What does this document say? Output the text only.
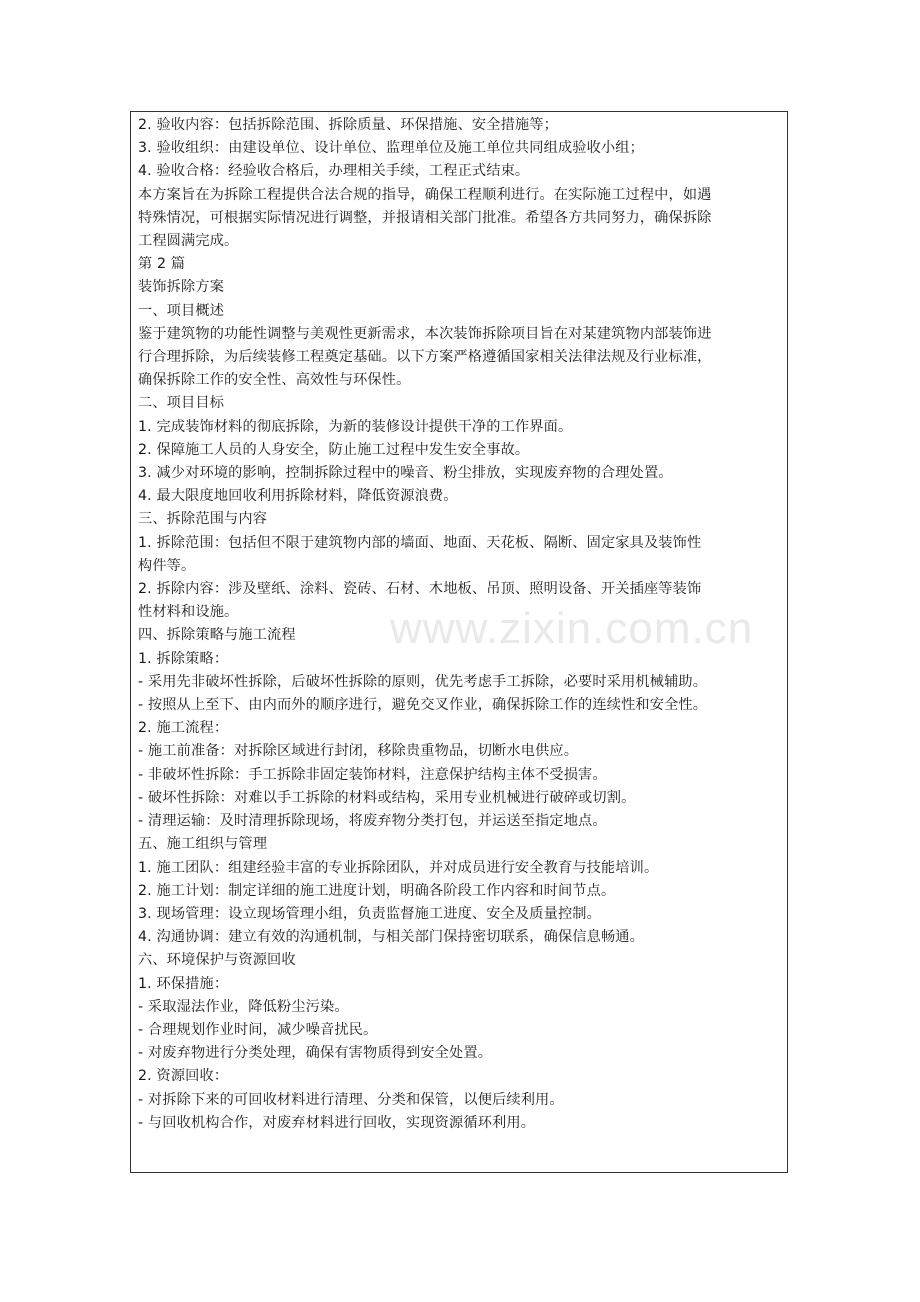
2. 验收内容：包括拆除范围、拆除质量、环保措施、安全措施等；
3. 验收组织：由建设单位、设计单位、监理单位及施工单位共同组成验收小组；
4. 验收合格：经验收合格后，办理相关手续，工程正式结束。
本方案旨在为拆除工程提供合法合规的指导，确保工程顺利进行。在实际施工过程中，如遇
特殊情况，可根据实际情况进行调整，并报请相关部门批准。希望各方共同努力，确保拆除
工程圆满完成。
第 2 篇
装饰拆除方案
一、项目概述
鉴于建筑物的功能性调整与美观性更新需求，本次装饰拆除项目旨在对某建筑物内部装饰进
行合理拆除，为后续装修工程奠定基础。以下方案严格遵循国家相关法律法规及行业标准，
确保拆除工作的安全性、高效性与环保性。
二、项目目标
1. 完成装饰材料的彻底拆除，为新的装修设计提供干净的工作界面。
2. 保障施工人员的人身安全，防止施工过程中发生安全事故。
3. 减少对环境的影响，控制拆除过程中的噪音、粉尘排放，实现废弃物的合理处置。
4. 最大限度地回收利用拆除材料，降低资源浪费。
三、拆除范围与内容
1. 拆除范围：包括但不限于建筑物内部的墙面、地面、天花板、隔断、固定家具及装饰性
构件等。
2. 拆除内容：涉及壁纸、涂料、瓷砖、石材、木地板、吊顶、照明设备、开关插座等装饰
性材料和设施。
四、拆除策略与施工流程
1. 拆除策略：
- 采用先非破坏性拆除，后破坏性拆除的原则，优先考虑手工拆除，必要时采用机械辅助。
- 按照从上至下、由内而外的顺序进行，避免交叉作业，确保拆除工作的连续性和安全性。
2. 施工流程：
- 施工前准备：对拆除区域进行封闭，移除贵重物品，切断水电供应。
- 非破坏性拆除：手工拆除非固定装饰材料，注意保护结构主体不受损害。
- 破坏性拆除：对难以手工拆除的材料或结构，采用专业机械进行破碎或切割。
- 清理运输：及时清理拆除现场，将废弃物分类打包，并运送至指定地点。
五、施工组织与管理
1. 施工团队：组建经验丰富的专业拆除团队，并对成员进行安全教育与技能培训。
2. 施工计划：制定详细的施工进度计划，明确各阶段工作内容和时间节点。
3. 现场管理：设立现场管理小组，负责监督施工进度、安全及质量控制。
4. 沟通协调：建立有效的沟通机制，与相关部门保持密切联系，确保信息畅通。
六、环境保护与资源回收
1. 环保措施：
- 采取湿法作业，降低粉尘污染。
- 合理规划作业时间，减少噪音扰民。
- 对废弃物进行分类处理，确保有害物质得到安全处置。
2. 资源回收：
- 对拆除下来的可回收材料进行清理、分类和保管，以便后续利用。
- 与回收机构合作，对废弃材料进行回收，实现资源循环利用。
www.zixin.com.cn
